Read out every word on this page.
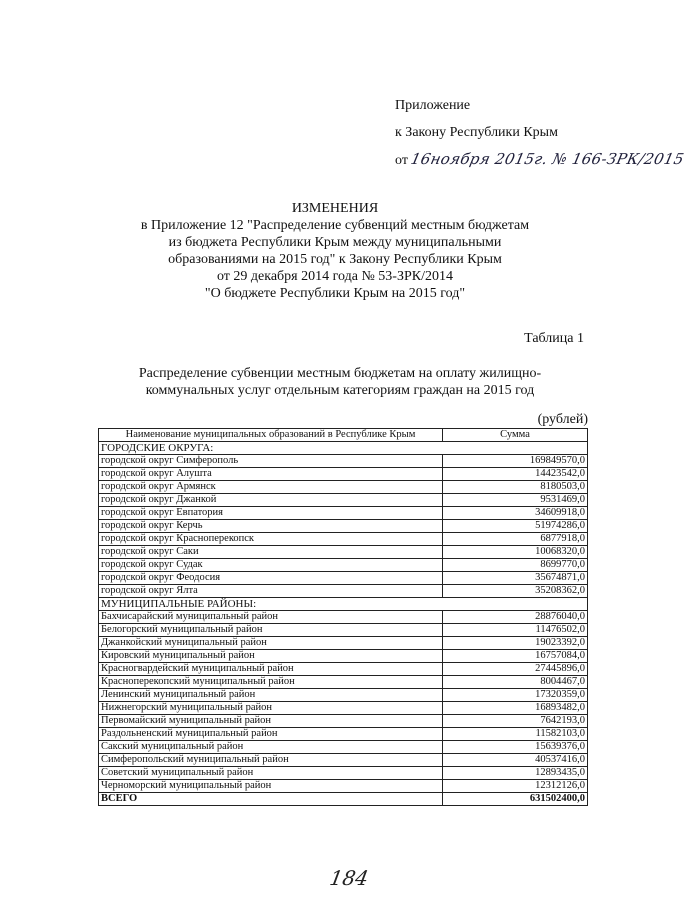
Приложение
к Закону Республики Крым
от 16ноября 2015г. № 166-ЗРК/2015
ИЗМЕНЕНИЯ
в Приложение 12 "Распределение субвенций местным бюджетам
из бюджета Республики Крым между муниципальными
образованиями на 2015 год" к Закону Республики Крым
от 29 декабря 2014 года № 53-ЗРК/2014
"О бюджете Республики Крым на 2015 год"
Таблица 1
Распределение субвенции местным бюджетам на оплату жилищно-
коммунальных услуг отдельным категориям граждан на 2015 год
(рублей)
Наименование муниципальных образований в Республике Крым	Сумма
ГОРОДСКИЕ ОКРУГА:	
городской округ Симферополь	169849570,0
городской округ Алушта	14423542,0
городской округ Армянск	8180503,0
городской округ Джанкой	9531469,0
городской округ Евпатория	34609918,0
городской округ Керчь	51974286,0
городской округ Красноперекопск	6877918,0
городской округ Саки	10068320,0
городской округ Судак	8699770,0
городской округ Феодосия	35674871,0
городской округ Ялта	35208362,0
МУНИЦИПАЛЬНЫЕ РАЙОНЫ:	
Бахчисарайский муниципальный район	28876040,0
Белогорский муниципальный район	11476502,0
Джанкойский муниципальный район	19023392,0
Кировский муниципальный район	16757084,0
Красногвардейский муниципальный район	27445896,0
Красноперекопский муниципальный район	8004467,0
Ленинский муниципальный район	17320359,0
Нижнегорский муниципальный район	16893482,0
Первомайский муниципальный район	7642193,0
Раздольненский муниципальный район	11582103,0
Сакский муниципальный район	15639376,0
Симферопольский муниципальный район	40537416,0
Советский муниципальный район	12893435,0
Черноморский муниципальный район	12312126,0
ВСЕГО	631502400,0
184
